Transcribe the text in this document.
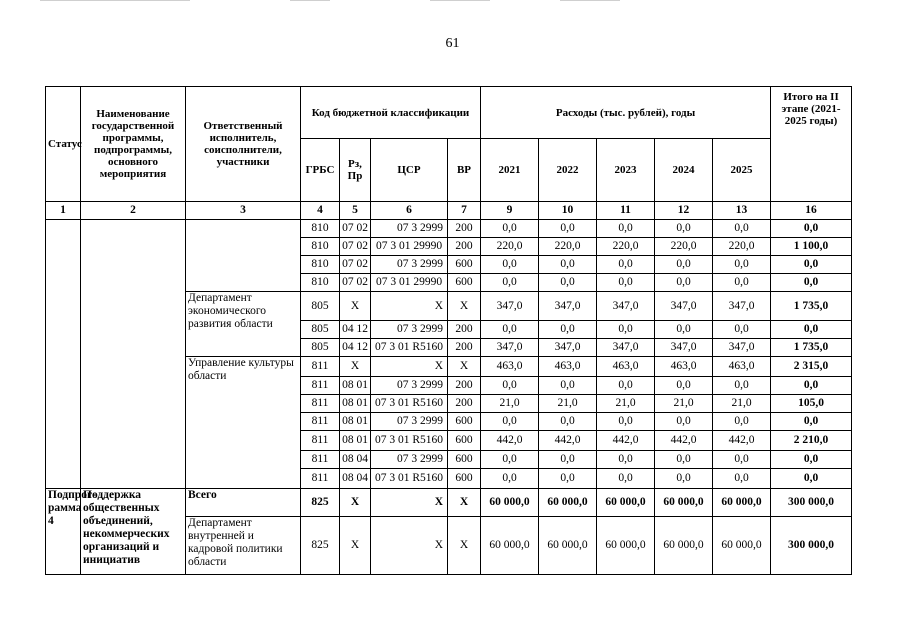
61
Статус	Наименование государственной программы, подпрограммы, основного мероприятия	Ответственный исполнитель, соисполнители, участники	Код бюджетной классификации				Расходы (тыс. рублей), годы					Итого на II этапе (2021-2025 годы)
			ГРБС	Рз, Пр	ЦСР	ВР	2021	2022	2023	2024	2025	
1	2	3	4	5	6	7	9	10	11	12	13	16
			810	07 02	07 3 2999	200	0,0	0,0	0,0	0,0	0,0	0,0
			810	07 02	07 3 01 29990	200	220,0	220,0	220,0	220,0	220,0	1 100,0
			810	07 02	07 3 2999	600	0,0	0,0	0,0	0,0	0,0	0,0
			810	07 02	07 3 01 29990	600	0,0	0,0	0,0	0,0	0,0	0,0
		Департамент экономического развития области	805	Х	Х	Х	347,0	347,0	347,0	347,0	347,0	1 735,0
			805	04 12	07 3 2999	200	0,0	0,0	0,0	0,0	0,0	0,0
			805	04 12	07 3 01 R5160	200	347,0	347,0	347,0	347,0	347,0	1 735,0
		Управление культуры области	811	Х	Х	Х	463,0	463,0	463,0	463,0	463,0	2 315,0
			811	08 01	07 3 2999	200	0,0	0,0	0,0	0,0	0,0	0,0
			811	08 01	07 3 01 R5160	200	21,0	21,0	21,0	21,0	21,0	105,0
			811	08 01	07 3 2999	600	0,0	0,0	0,0	0,0	0,0	0,0
			811	08 01	07 3 01 R5160	600	442,0	442,0	442,0	442,0	442,0	2 210,0
			811	08 04	07 3 2999	600	0,0	0,0	0,0	0,0	0,0	0,0
			811	08 04	07 3 01 R5160	600	0,0	0,0	0,0	0,0	0,0	0,0
Подпрог-рамма 4	Поддержка общественных объединений, некоммерческих организаций и инициатив	Всего	825	Х	Х	Х	60 000,0	60 000,0	60 000,0	60 000,0	60 000,0	300 000,0
		Департамент внутренней и кадровой политики области	825	Х	Х	Х	60 000,0	60 000,0	60 000,0	60 000,0	60 000,0	300 000,0
